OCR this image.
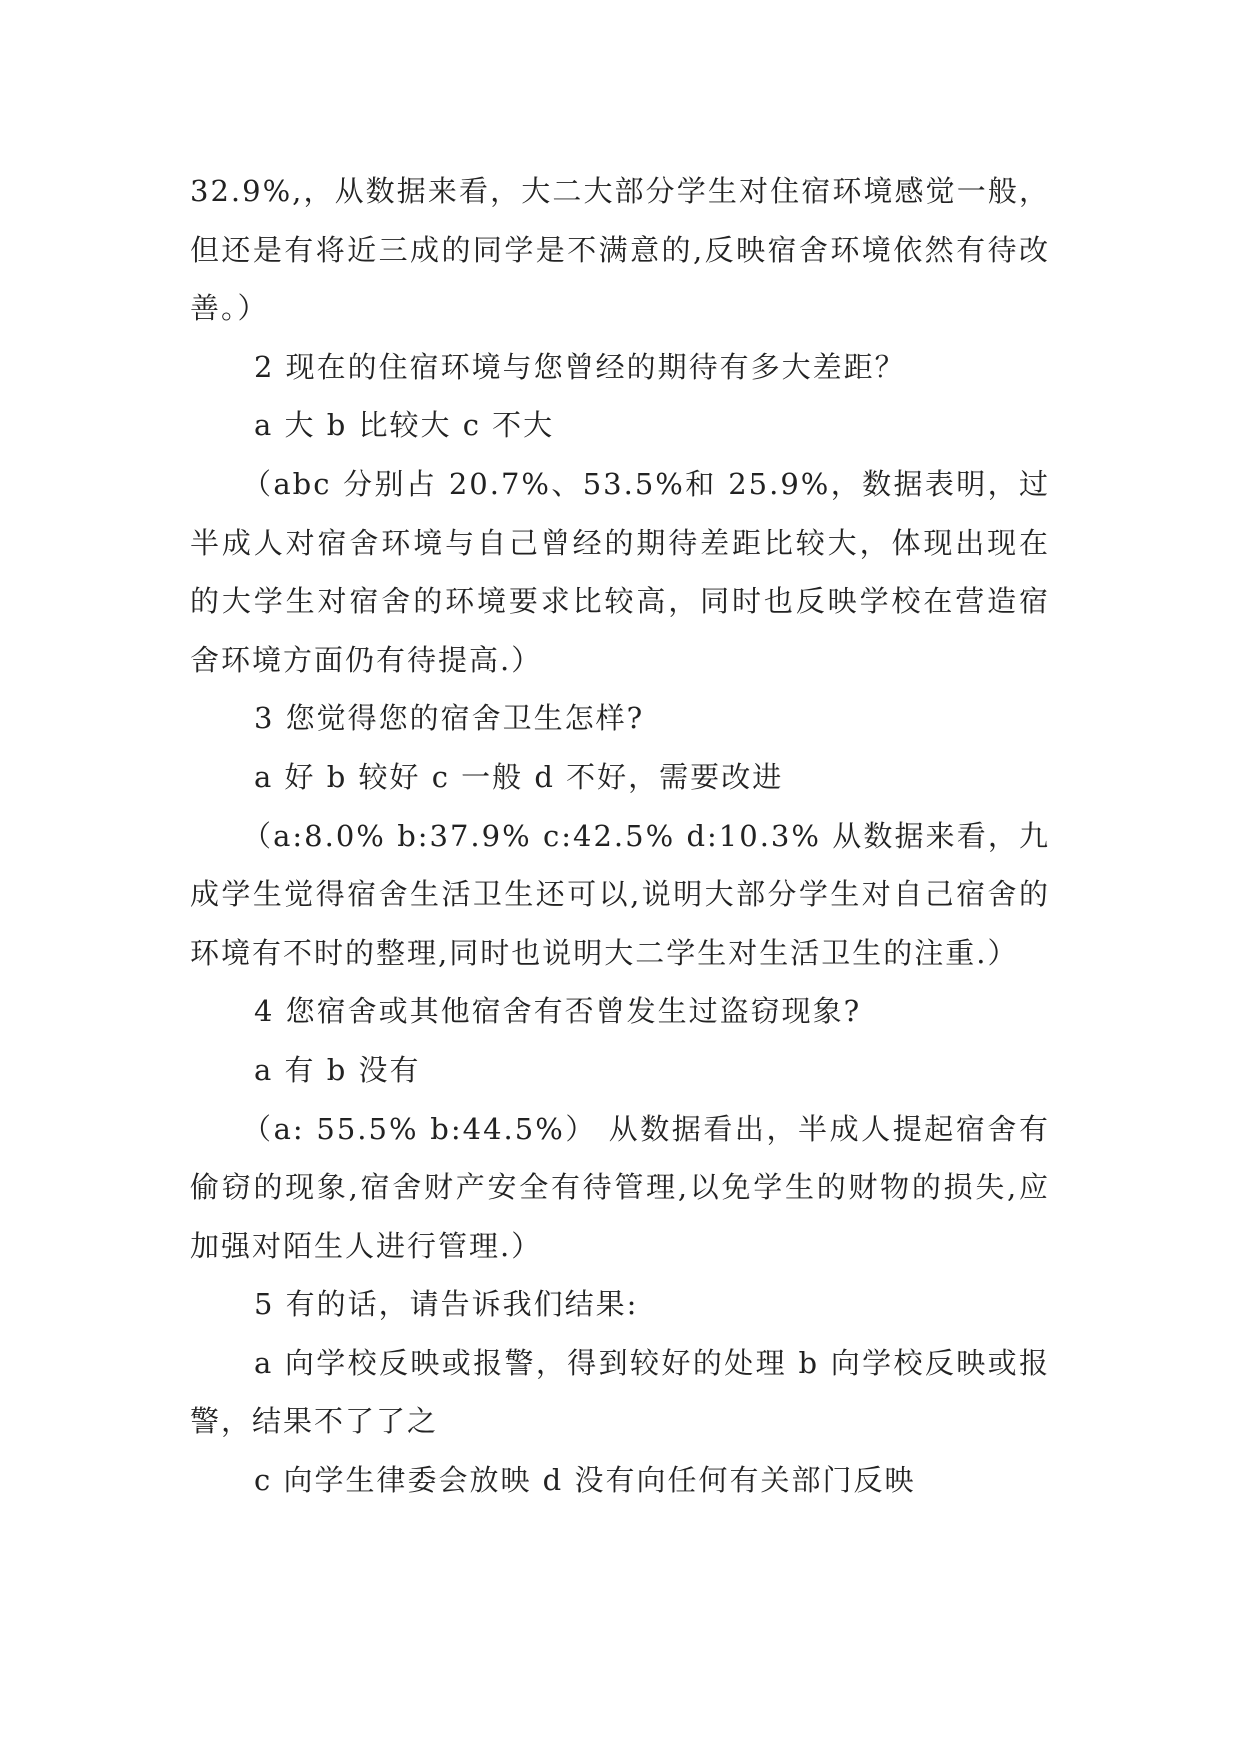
32.9%,，从数据来看，大二大部分学生对住宿环境感觉一般，但还是有将近三成的同学是不满意的,反映宿舍环境依然有待改善。）

2 现在的住宿环境与您曾经的期待有多大差距？

a 大 b 比较大 c 不大

（abc 分别占 20.7%、53.5%和 25.9%，数据表明，过半成人对宿舍环境与自己曾经的期待差距比较大，体现出现在的大学生对宿舍的环境要求比较高，同时也反映学校在营造宿舍环境方面仍有待提高.）

3 您觉得您的宿舍卫生怎样?

a 好 b 较好 c 一般 d 不好，需要改进

（a:8.0% b:37.9% c:42.5% d:10.3% 从数据来看，九成学生觉得宿舍生活卫生还可以,说明大部分学生对自己宿舍的环境有不时的整理,同时也说明大二学生对生活卫生的注重.）

4 您宿舍或其他宿舍有否曾发生过盗窃现象?

a 有 b 没有

（a: 55.5% b:44.5%） 从数据看出，半成人提起宿舍有偷窃的现象,宿舍财产安全有待管理,以免学生的财物的损失,应加强对陌生人进行管理.）

5 有的话，请告诉我们结果:

a 向学校反映或报警，得到较好的处理 b 向学校反映或报警，结果不了了之

c 向学生律委会放映 d 没有向任何有关部门反映
